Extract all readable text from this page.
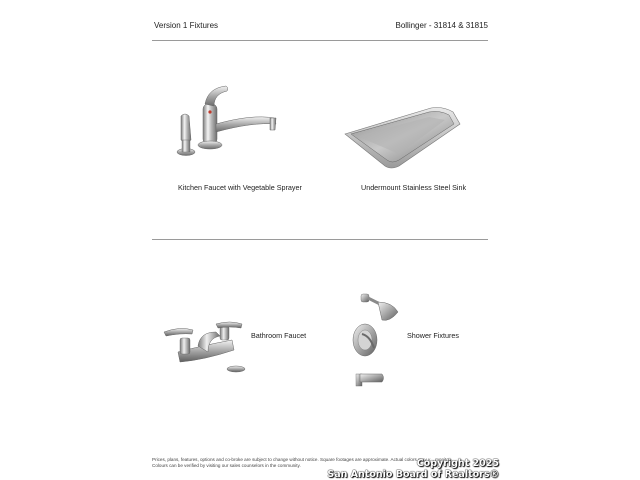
Version 1 Fixtures	Bollinger - 31814 & 31815
Kitchen Faucet with Vegetable Sprayer	Undermount Stainless Steel Sink
Bathroom Faucet	Shower Fixtures
Prices, plans, features, options and co-broke are subject to change without notice. Square footages are approximate. Actual colors may v... monitor. Colours can be verified by visiting our sales counselors in the community.	Copyright 2025
San Antonio Board of Realtors®
